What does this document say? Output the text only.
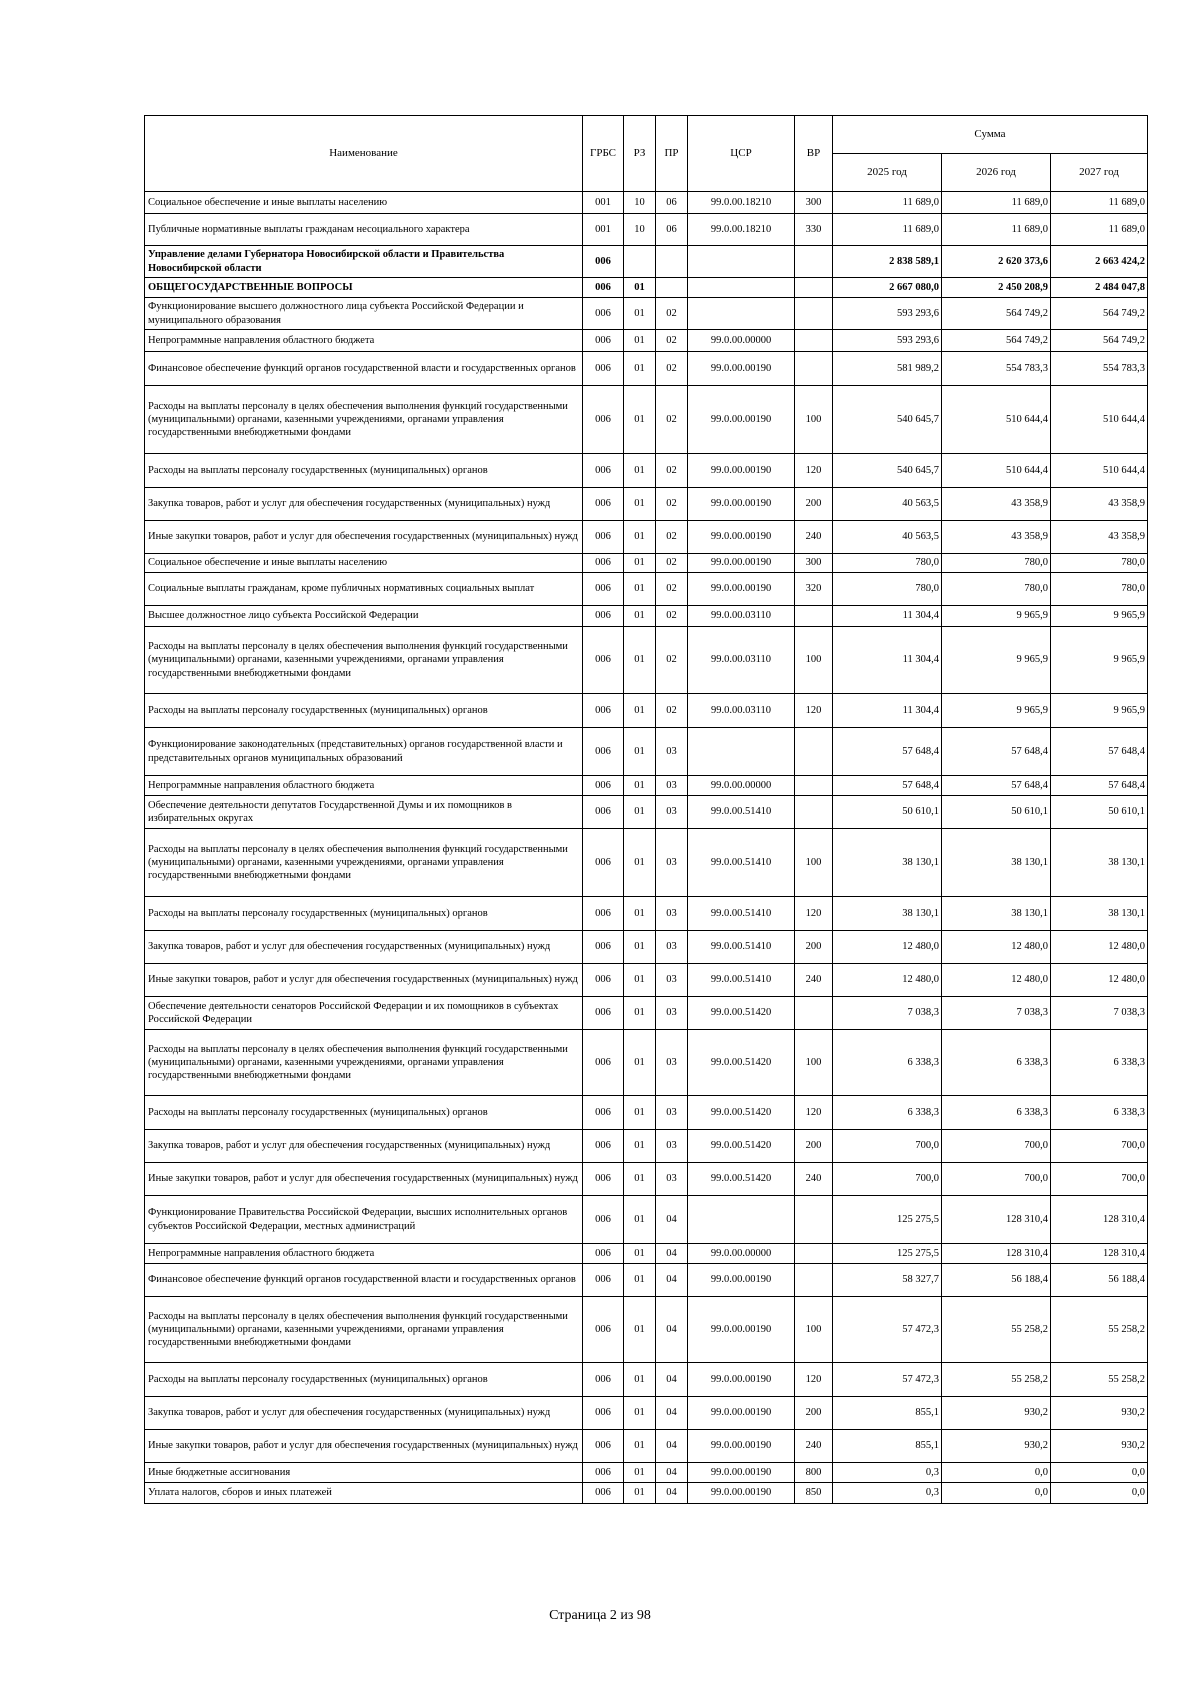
Наименование	ГРБС	РЗ	ПР	ЦСР	ВР	Сумма		
						2025 год	2026 год	2027 год
Социальное обеспечение и иные выплаты населению	001	10	06	99.0.00.18210	300	11 689,0	11 689,0	11 689,0
Публичные нормативные выплаты гражданам несоциального характера	001	10	06	99.0.00.18210	330	11 689,0	11 689,0	11 689,0
Управление делами Губернатора Новосибирской области и Правительства Новосибирской области	006					2 838 589,1	2 620 373,6	2 663 424,2
ОБЩЕГОСУДАРСТВЕННЫЕ ВОПРОСЫ	006	01				2 667 080,0	2 450 208,9	2 484 047,8
Функционирование высшего должностного лица субъекта Российской Федерации и муниципального образования	006	01	02			593 293,6	564 749,2	564 749,2
Непрограммные направления областного бюджета	006	01	02	99.0.00.00000		593 293,6	564 749,2	564 749,2
Финансовое обеспечение функций органов государственной власти и государственных органов	006	01	02	99.0.00.00190		581 989,2	554 783,3	554 783,3
Расходы на выплаты персоналу в целях обеспечения выполнения функций государственными (муниципальными) органами, казенными учреждениями, органами управления государственными внебюджетными фондами	006	01	02	99.0.00.00190	100	540 645,7	510 644,4	510 644,4
Расходы на выплаты персоналу государственных (муниципальных) органов	006	01	02	99.0.00.00190	120	540 645,7	510 644,4	510 644,4
Закупка товаров, работ и услуг для обеспечения государственных (муниципальных) нужд	006	01	02	99.0.00.00190	200	40 563,5	43 358,9	43 358,9
Иные закупки товаров, работ и услуг для обеспечения государственных (муниципальных) нужд	006	01	02	99.0.00.00190	240	40 563,5	43 358,9	43 358,9
Социальное обеспечение и иные выплаты населению	006	01	02	99.0.00.00190	300	780,0	780,0	780,0
Социальные выплаты гражданам, кроме публичных нормативных социальных выплат	006	01	02	99.0.00.00190	320	780,0	780,0	780,0
Высшее должностное лицо субъекта Российской Федерации	006	01	02	99.0.00.03110		11 304,4	9 965,9	9 965,9
Расходы на выплаты персоналу в целях обеспечения выполнения функций государственными (муниципальными) органами, казенными учреждениями, органами управления государственными внебюджетными фондами	006	01	02	99.0.00.03110	100	11 304,4	9 965,9	9 965,9
Расходы на выплаты персоналу государственных (муниципальных) органов	006	01	02	99.0.00.03110	120	11 304,4	9 965,9	9 965,9
Функционирование законодательных (представительных) органов государственной власти и представительных органов муниципальных образований	006	01	03			57 648,4	57 648,4	57 648,4
Непрограммные направления областного бюджета	006	01	03	99.0.00.00000		57 648,4	57 648,4	57 648,4
Обеспечение деятельности депутатов Государственной Думы и их помощников в избирательных округах	006	01	03	99.0.00.51410		50 610,1	50 610,1	50 610,1
Расходы на выплаты персоналу в целях обеспечения выполнения функций государственными (муниципальными) органами, казенными учреждениями, органами управления государственными внебюджетными фондами	006	01	03	99.0.00.51410	100	38 130,1	38 130,1	38 130,1
Расходы на выплаты персоналу государственных (муниципальных) органов	006	01	03	99.0.00.51410	120	38 130,1	38 130,1	38 130,1
Закупка товаров, работ и услуг для обеспечения государственных (муниципальных) нужд	006	01	03	99.0.00.51410	200	12 480,0	12 480,0	12 480,0
Иные закупки товаров, работ и услуг для обеспечения государственных (муниципальных) нужд	006	01	03	99.0.00.51410	240	12 480,0	12 480,0	12 480,0
Обеспечение деятельности сенаторов Российской Федерации и их помощников в субъектах Российской Федерации	006	01	03	99.0.00.51420		7 038,3	7 038,3	7 038,3
Расходы на выплаты персоналу в целях обеспечения выполнения функций государственными (муниципальными) органами, казенными учреждениями, органами управления государственными внебюджетными фондами	006	01	03	99.0.00.51420	100	6 338,3	6 338,3	6 338,3
Расходы на выплаты персоналу государственных (муниципальных) органов	006	01	03	99.0.00.51420	120	6 338,3	6 338,3	6 338,3
Закупка товаров, работ и услуг для обеспечения государственных (муниципальных) нужд	006	01	03	99.0.00.51420	200	700,0	700,0	700,0
Иные закупки товаров, работ и услуг для обеспечения государственных (муниципальных) нужд	006	01	03	99.0.00.51420	240	700,0	700,0	700,0
Функционирование Правительства Российской Федерации, высших исполнительных органов субъектов Российской Федерации, местных администраций	006	01	04			125 275,5	128 310,4	128 310,4
Непрограммные направления областного бюджета	006	01	04	99.0.00.00000		125 275,5	128 310,4	128 310,4
Финансовое обеспечение функций органов государственной власти и государственных органов	006	01	04	99.0.00.00190		58 327,7	56 188,4	56 188,4
Расходы на выплаты персоналу в целях обеспечения выполнения функций государственными (муниципальными) органами, казенными учреждениями, органами управления государственными внебюджетными фондами	006	01	04	99.0.00.00190	100	57 472,3	55 258,2	55 258,2
Расходы на выплаты персоналу государственных (муниципальных) органов	006	01	04	99.0.00.00190	120	57 472,3	55 258,2	55 258,2
Закупка товаров, работ и услуг для обеспечения государственных (муниципальных) нужд	006	01	04	99.0.00.00190	200	855,1	930,2	930,2
Иные закупки товаров, работ и услуг для обеспечения государственных (муниципальных) нужд	006	01	04	99.0.00.00190	240	855,1	930,2	930,2
Иные бюджетные ассигнования	006	01	04	99.0.00.00190	800	0,3	0,0	0,0
Уплата налогов, сборов и иных платежей	006	01	04	99.0.00.00190	850	0,3	0,0	0,0
Страница 2 из 98
